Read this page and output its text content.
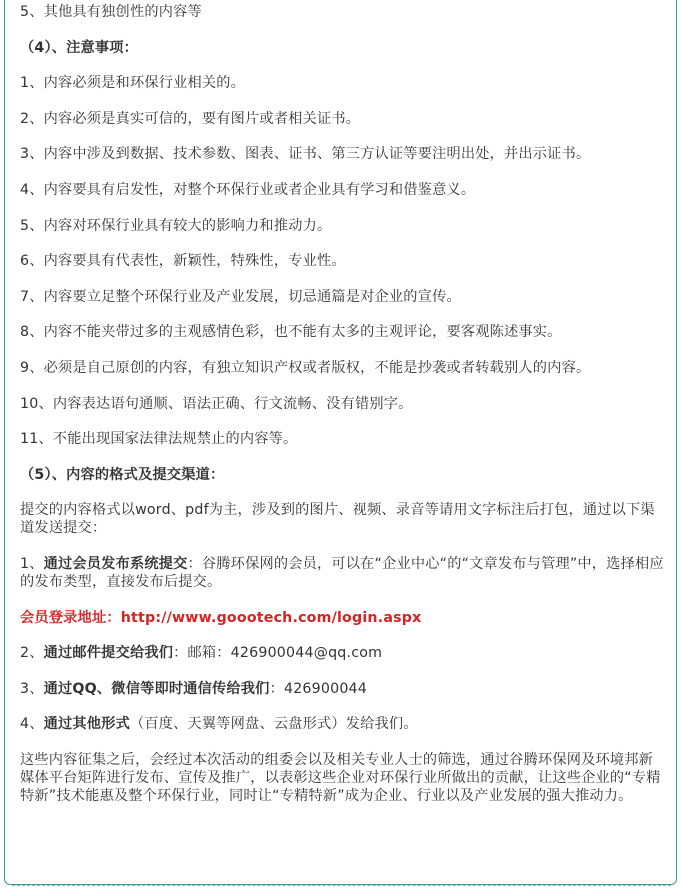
5、其他具有独创性的内容等

（4）、注意事项：

1、内容必须是和环保行业相关的。

2、内容必须是真实可信的，要有图片或者相关证书。

3、内容中涉及到数据、技术参数、图表、证书、第三方认证等要注明出处，并出示证书。

4、内容要具有启发性，对整个环保行业或者企业具有学习和借鉴意义。

5、内容对环保行业具有较大的影响力和推动力。

6、内容要具有代表性，新颖性，特殊性，专业性。

7、内容要立足整个环保行业及产业发展，切忌通篇是对企业的宣传。

8、内容不能夹带过多的主观感情色彩，也不能有太多的主观评论，要客观陈述事实。

9、必须是自己原创的内容，有独立知识产权或者版权，不能是抄袭或者转载别人的内容。

10、内容表达语句通顺、语法正确、行文流畅、没有错别字。

11、不能出现国家法律法规禁止的内容等。

（5）、内容的格式及提交渠道：

提交的内容格式以word、pdf为主，涉及到的图片、视频、录音等请用文字标注后打包，通过以下渠道发送提交：

1、通过会员发布系统提交：谷腾环保网的会员，可以在“企业中心“的“文章发布与管理”中，选择相应的发布类型，直接发布后提交。

会员登录地址：http://www.goootech.com/login.aspx

2、通过邮件提交给我们：邮箱：426900044@qq.com

3、通过QQ、微信等即时通信传给我们：426900044

4、通过其他形式（百度、天翼等网盘、云盘形式）发给我们。

这些内容征集之后，会经过本次活动的组委会以及相关专业人士的筛选，通过谷腾环保网及环境邦新媒体平台矩阵进行发布、宣传及推广，以表彰这些企业对环保行业所做出的贡献，让这些企业的“专精特新”技术能惠及整个环保行业，同时让“专精特新”成为企业、行业以及产业发展的强大推动力。
